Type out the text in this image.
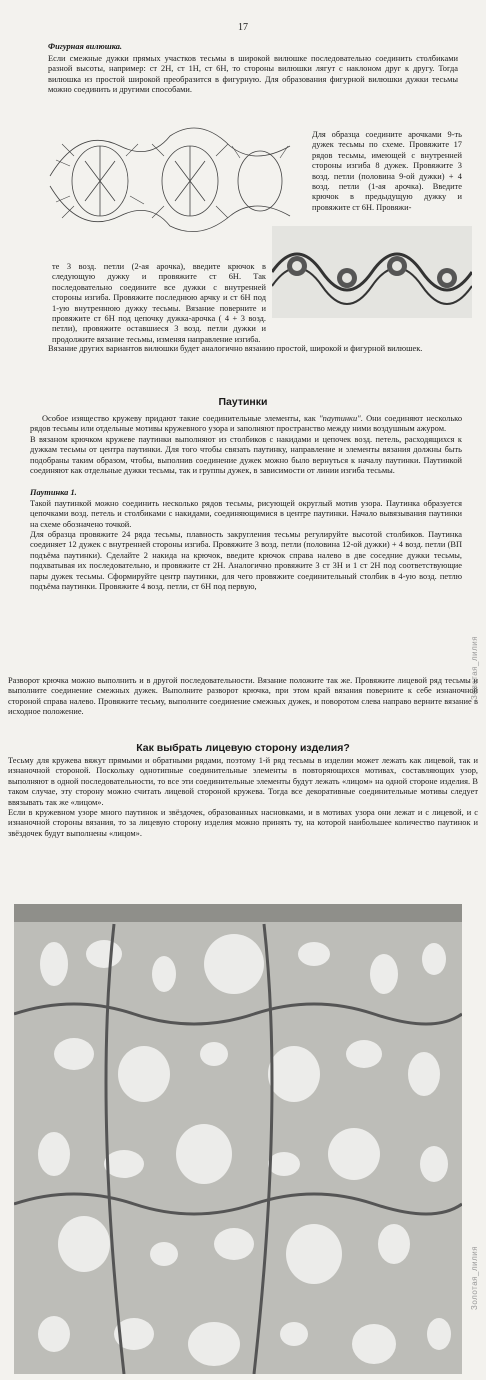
17

Фигурная вилюшка.

Если смежные дужки прямых участков тесьмы в широкой вилюшке последовательно соединить столбиками разной высоты, например: ст 2Н, ст 1Н, ст 6Н, то стороны вилюшки лягут с наклоном друг к другу. Тогда вилюшка из простой широкой преобразится в фигурную. Для образования фигурной вилюшки дужки тесьмы можно соединить и другими способами.

Для образца соедините арочками 9-ть дужек тесьмы по схеме. Провяжите 17 рядов тесьмы, имеющей с внутренней стороны изгиба 8 дужек. Провяжите 3 возд. петли (половина 9-ой дужки) + 4 возд. петли (1-ая арочка). Введите крючок в предыдущую дужку и провяжите ст 6Н. Провяжи-

те 3 возд. петли (2-ая арочка), введите крючок в следующую дужку и провяжите ст 6Н. Так последовательно соедините все дужки с внутренней стороны изгиба. Провяжите последнюю арчку и ст 6Н под 1-ую внутреннюю дужку тесьмы. Вязание поверните и провяжите ст 6Н под цепочку дужка-арочка ( 4 + 3 возд. петли), провяжите оставшиеся 3 возд. петли дужки и продолжите вязание тесьмы, изменяя направление изгиба.

Вязание других вариантов вилюшки будет аналогично вязанию простой, широкой и фигурной вилюшек.

Паутинки

Особое изящество кружеву придают такие соединительные элементы, как "паутинки". Они соединяют несколько рядов тесьмы или отдельные мотивы кружевного узора и заполняют пространство между ними воздушным ажуром.

В вязаном крючком кружеве паутинки выполняют из столбиков с накидами и цепочек возд. петель, расходящихся к дужкам тесьмы от центра паутинки. Для того чтобы связать паутинку, направление и элементы вязания должны быть подобраны таким образом, чтобы, выполнив соединение дужек можно было вернуться к началу паутинки. Паутинкой соединяют как отдельные дужки тесьмы, так и группы дужек, в зависимости от линии изгиба тесьмы.

Паутинка 1.

Такой паутинкой можно соединить несколько рядов тесьмы, рисующей округлый мотив узора. Паутинка образуется цепочками возд. петель и столбиками с накидами, соединяющимися в центре паутинки. Начало вывязывания паутинки на схеме обозначено точкой.

Для образца провяжите 24 ряда тесьмы, плавность закругления тесьмы регулируйте высотой столбиков. Паутинка соединяет 12 дужек с внутренней стороны изгиба. Провяжите 3 возд. петли (половина 12-ой дужки) + 4 возд. петли (ВП подъёма паутинки). Сделайте 2 накида на крючок, введите крючок справа налево в две соседние дужки тесьмы, подхватывая их последовательно, и провяжите ст 2Н. Аналогично провяжите 3 ст 3Н и 1 ст 2Н под соответствующие пары дужек тесьмы. Сформируйте центр паутинки, для чего провяжите соединительный столбик в 4-ую возд. петлю подъёма паутинки. Провяжите 4 возд. петли, ст 6Н под первую,

Золотая_лилия

Разворот крючка можно выполнить и в другой последовательности. Вязание положите так же. Провяжите лицевой ряд тесьмы и выполните соединение смежных дужек. Выполните разворот крючка, при этом край вязания поверните к себе изнаночной стороной справа налево. Провяжите тесьму, выполните соединение смежных дужек, и поворотом слева направо верните вязание в исходное положение.

Как выбрать лицевую сторону изделия?

Тесьму для кружева вяжут прямыми и обратными рядами, поэтому 1-й ряд тесьмы в изделии может лежать как лицевой, так и изнаночной стороной. Поскольку однотипные соединительные элементы в повторяющихся мотивах, составляющих узор, выполняют в одной последовательности, то все эти соединительные элементы будут лежать «лицом» на одной стороне изделия. В таком случае, эту сторону можно считать лицевой стороной кружева. Тогда все декоративные соединительные мотивы следует ввязывать так же «лицом».

Если в кружевном узоре много паутинок и звёздочек, образованных насновками, и в мотивах узора они лежат и с лицевой, и с изнаночной стороны вязания, то за лицевую сторону изделия можно принять ту, на которой наибольшее количество паутинок и звёздочек будут выполнены «лицом».

Золотая_лилия
